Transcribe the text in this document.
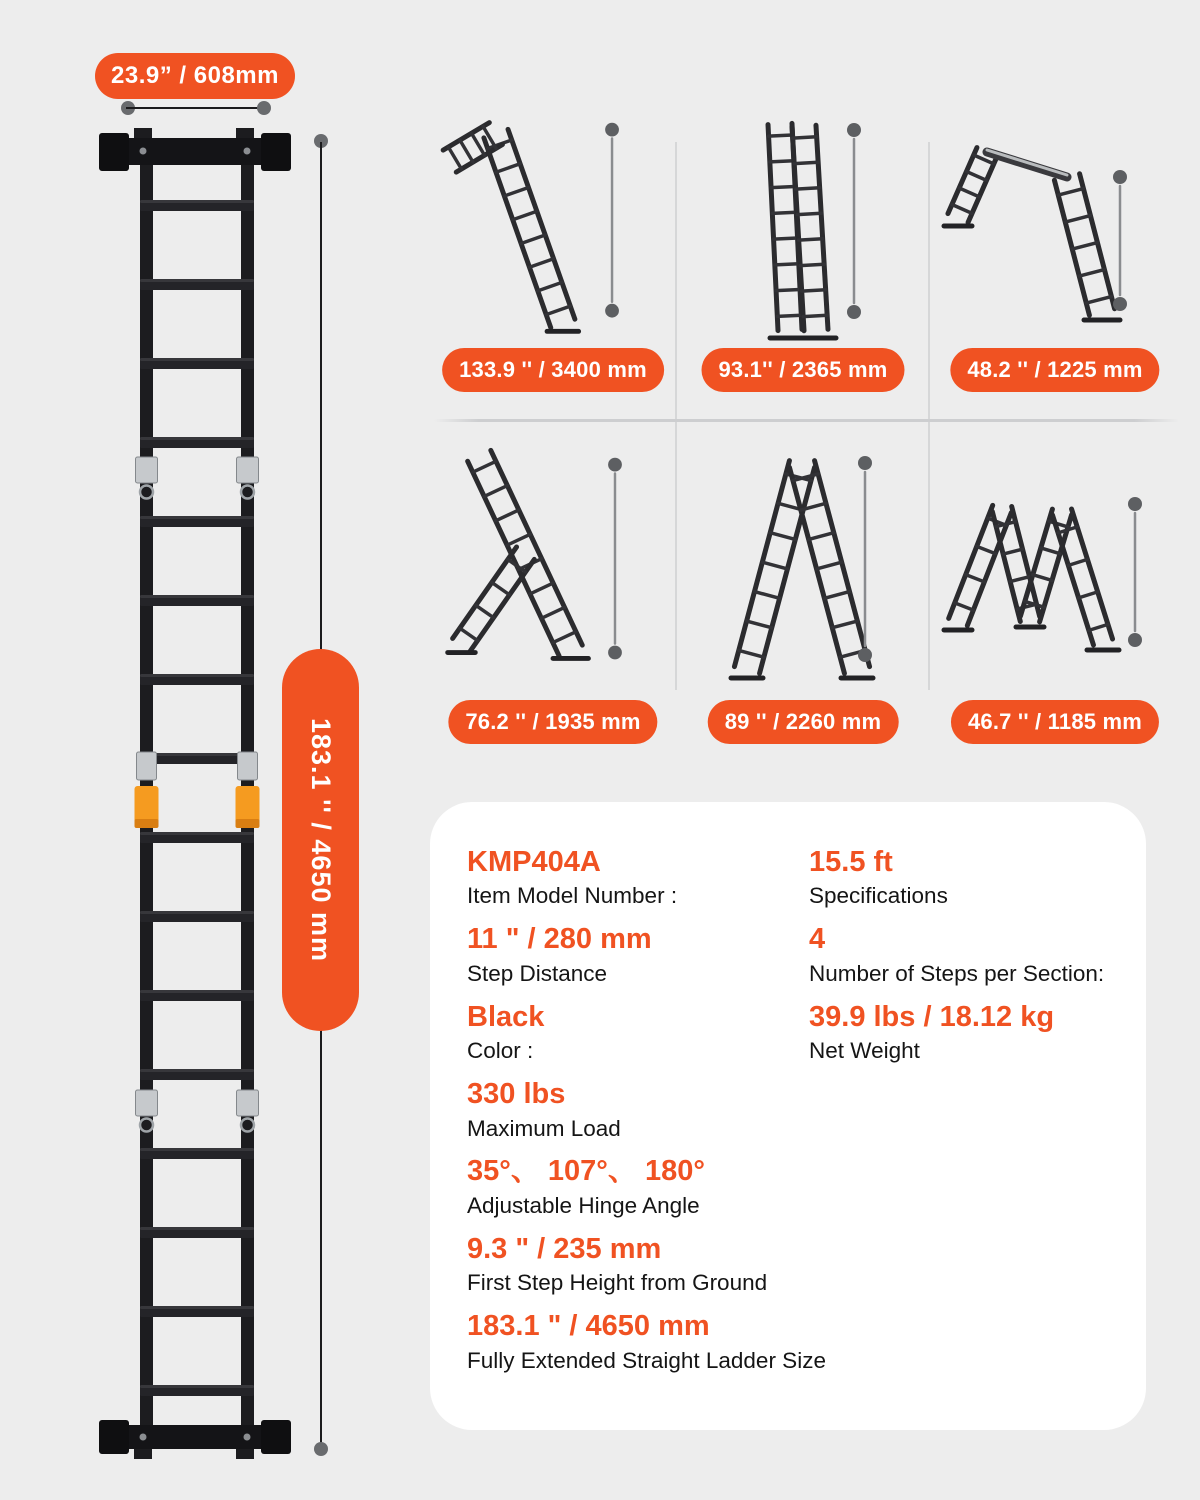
23.9” / 608mm
183.1 '' / 4650 mm
133.9 '' / 3400 mm	93.1'' / 2365 mm	48.2 '' / 1225 mm
76.2 '' / 1935 mm	89 '' / 2260 mm	46.7 '' / 1185 mm
KMP404A
Item Model Number :
11 " / 280 mm
Step Distance
Black
Color :
330 lbs
Maximum Load
35°、 107°、 180°
Adjustable Hinge Angle
9.3 " / 235 mm
First Step Height from Ground
183.1 " / 4650 mm
Fully Extended Straight Ladder Size
15.5 ft
Specifications
4
Number of Steps per Section:
39.9 lbs / 18.12 kg
Net Weight
